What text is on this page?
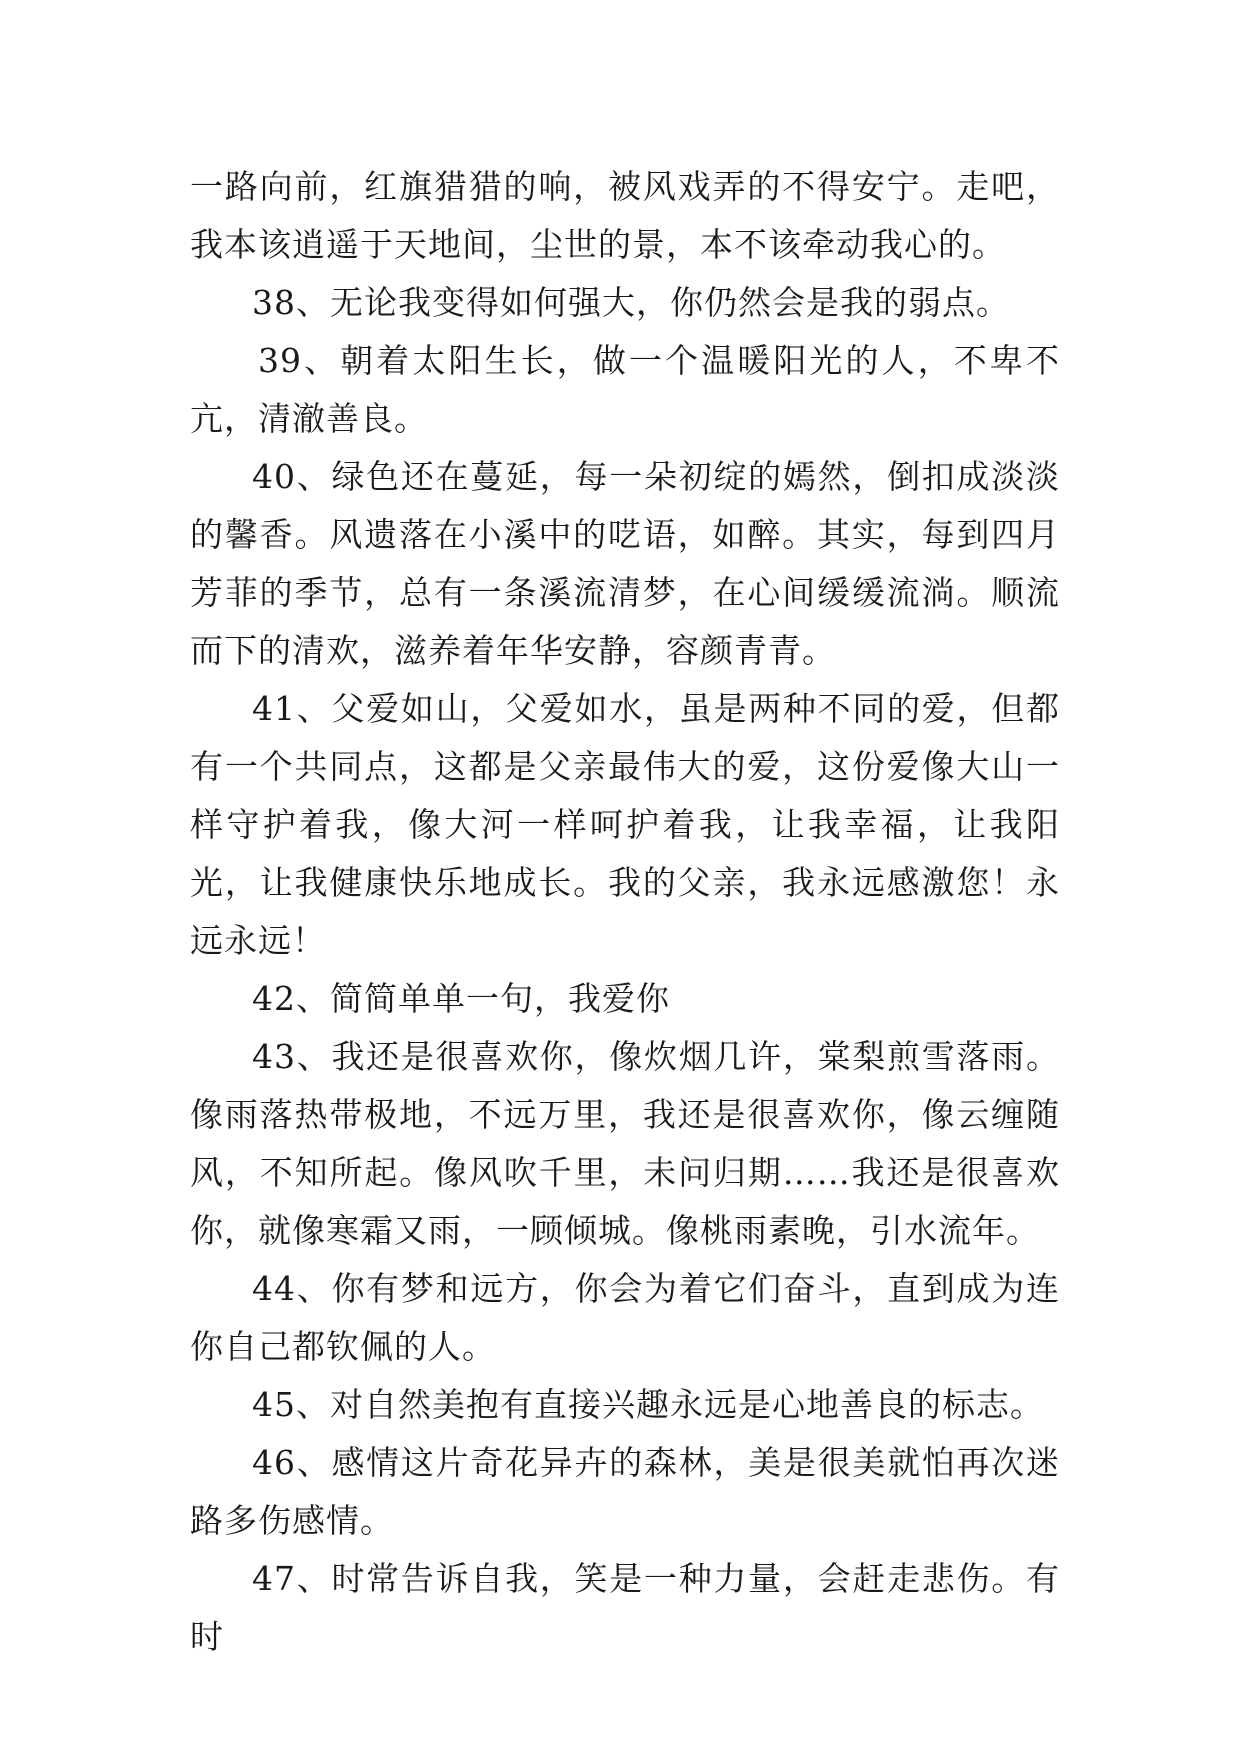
一路向前，红旗猎猎的响，被风戏弄的不得安宁。走吧，我本该逍遥于天地间，尘世的景，本不该牵动我心的。

38、无论我变得如何强大，你仍然会是我的弱点。

39、朝着太阳生长，做一个温暖阳光的人，不卑不亢，清澈善良。

40、绿色还在蔓延，每一朵初绽的嫣然，倒扣成淡淡的馨香。风遗落在小溪中的呓语，如醉。其实，每到四月芳菲的季节，总有一条溪流清梦，在心间缓缓流淌。顺流而下的清欢，滋养着年华安静，容颜青青。

41、父爱如山，父爱如水，虽是两种不同的爱，但都有一个共同点，这都是父亲最伟大的爱，这份爱像大山一样守护着我，像大河一样呵护着我，让我幸福，让我阳光，让我健康快乐地成长。我的父亲，我永远感激您！永远永远！

42、简简单单一句，我爱你

43、我还是很喜欢你，像炊烟几许，棠梨煎雪落雨。像雨落热带极地，不远万里，我还是很喜欢你，像云缠随风，不知所起。像风吹千里，未问归期……我还是很喜欢你，就像寒霜又雨，一顾倾城。像桃雨素晚，引水流年。

44、你有梦和远方，你会为着它们奋斗，直到成为连你自己都钦佩的人。

45、对自然美抱有直接兴趣永远是心地善良的标志。

46、感情这片奇花异卉的森林，美是很美就怕再次迷路多伤感情。

47、时常告诉自我，笑是一种力量，会赶走悲伤。有时
